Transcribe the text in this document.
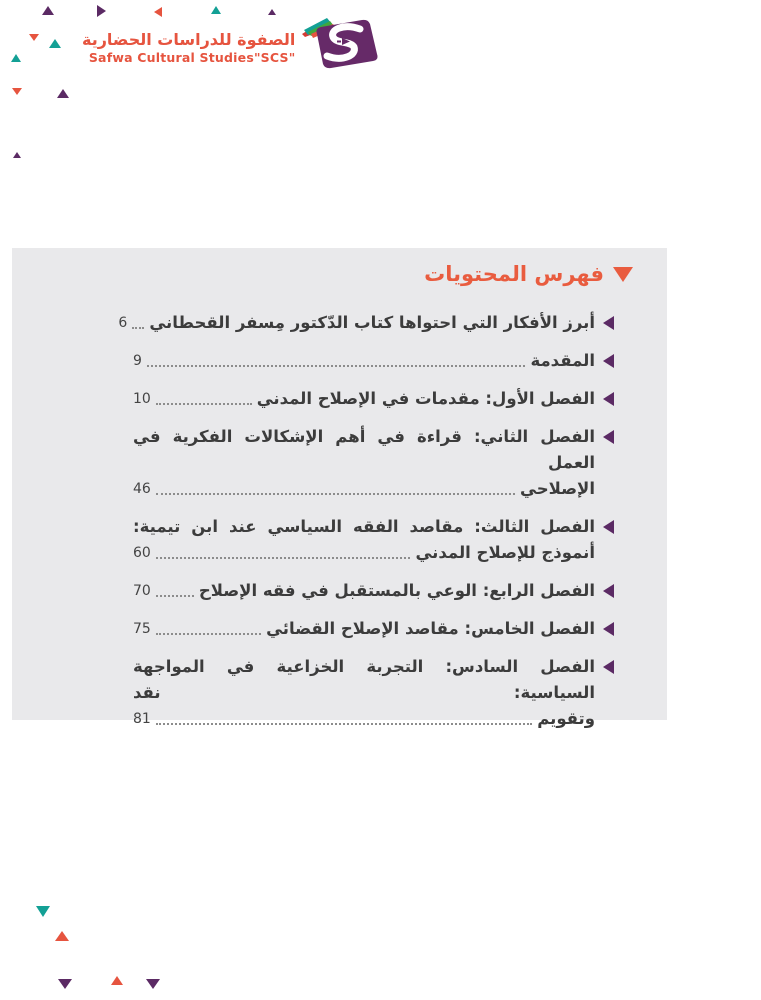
الصفوة للدراسات الحضارية
Safwa Cultural Studies"SCS"
فهرس المحتويات
أبرز الأفكار التي احتواها كتاب الدّكتور مِسفر القحطاني
6
المقدمة
9
الفصل الأول: مقدمات في الإصلاح المدني
10
الفصل الثاني: قراءة في أهم الإشكالات الفكرية في العمل
الإصلاحي
46
الفصل الثالث: مقاصد الفقه السياسي عند ابن تيمية:
أنموذج للإصلاح المدني
60
الفصل الرابع: الوعي بالمستقبل في فقه الإصلاح
70
الفصل الخامس: مقاصد الإصلاح القضائي
75
الفصل السادس: التجربة الخزاعية في المواجهة السياسية: نقد
وتقويم
81
